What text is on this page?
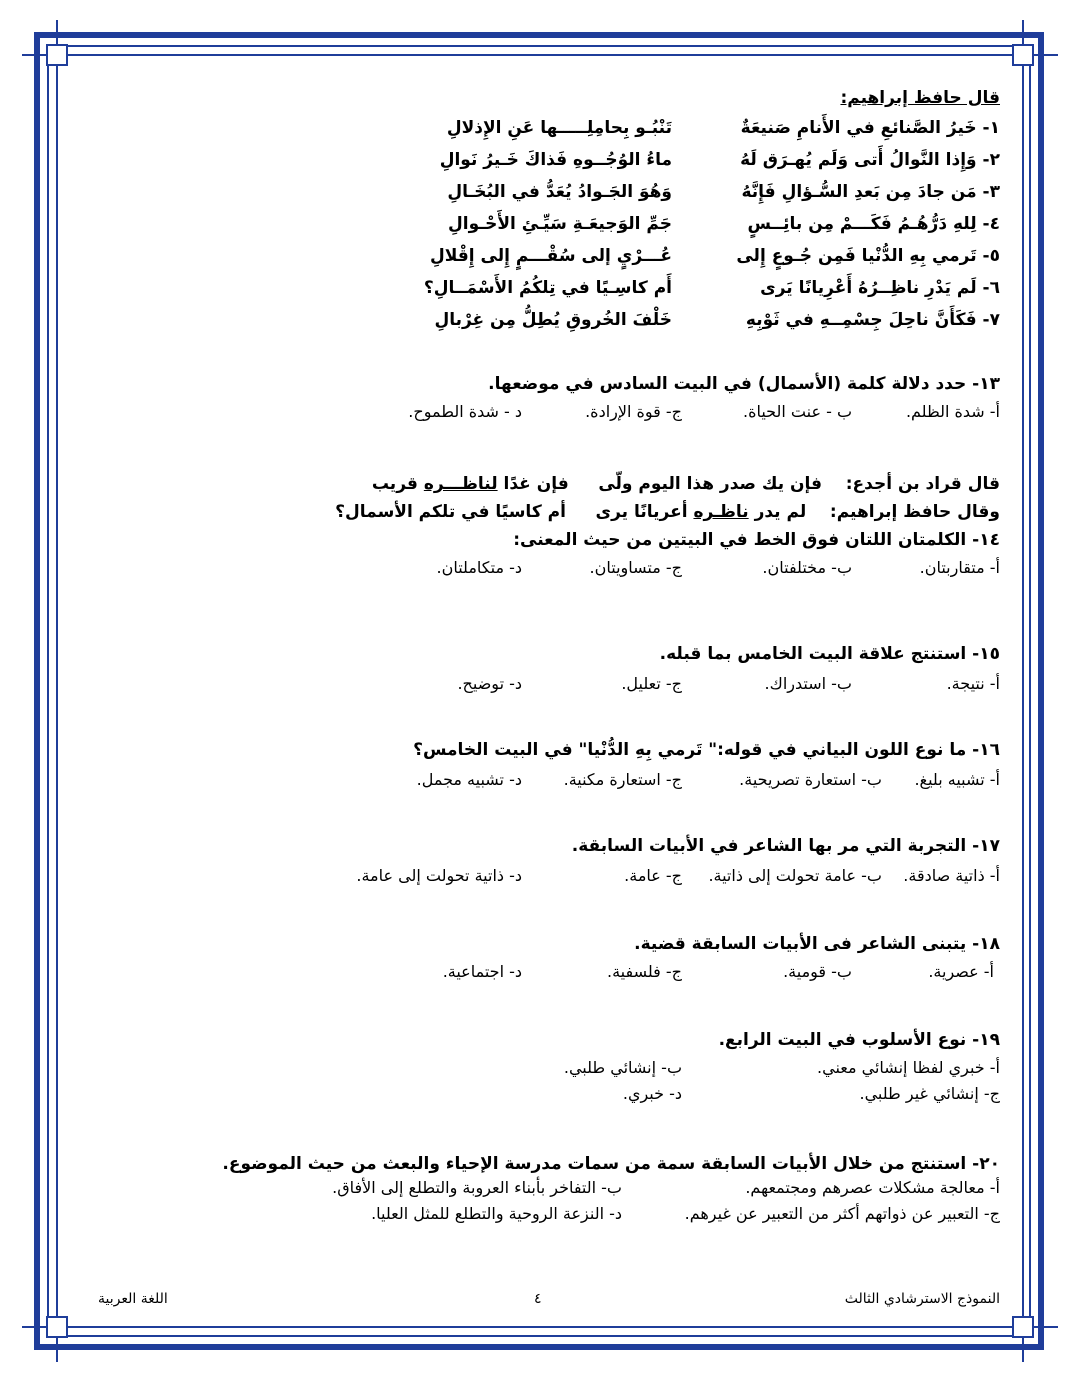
قال حافظ إبراهيم:
١- خَيرُ الصَّنائعِ في الأَنامِ صَنيعَةٌ
تَنْبُـو بِحامِلِـــــها عَنِ الإِذلالِ
٢- وَإِذا النَّوالُ أَتى وَلَم يُهـرَق لَهُ
ماءُ الوُجُــوهِ فَذاكَ خَـيرُ نَوالِ
٣- مَن جادَ مِن بَعدِ السُّـؤالِ فَإِنَّهُ
وَهُوَ الجَـوادُ يُعَدُّ في البُخَـالِ
٤- لِلهِ دَرُّهُـمُ فَكَـــمْ مِن بائِــسٍ
جَمِّ الوَجيعَـةِ سَيِّـئِ الأَحْـوالِ
٥- تَرمي بِهِ الدُّنْيا فَمِن جُـوعٍ إِلى
عُـــرْيٍ إلى سُقْـــمٍ إِلى إِقْلالِ
٦- لَم يَدْرِ ناظِــرُهُ أَعْرِيانًا يَرى
أَم كاسِـيًا في تِلكُمُ الأَسْمَــالِ؟
٧- فَكَأَنَّ ناحِلَ جِسْمِــهِ في ثَوْبِهِ
خَلْفَ الخُروقِ يُطِلُّ مِن غِرْبالِ
١٣- حدد دلالة كلمة (الأسمال) في البيت السادس في موضعها.
أ- شدة الظلم.
ب - عنت الحياة.
ج- قوة الإرادة.
د - شدة الطموح.
قال قراد بن أجدع:    فإن يك صدر هذا اليوم ولّى     فإن غدًا لناظـــره قريب
وقال حافظ إبراهيم:    لم يدر ناظـره أعريانًا يرى     أم كاسيًا في تلكم الأسمال؟
١٤- الكلمتان اللتان فوق الخط في البيتين من حيث المعنى:
أ- متقاربتان.
ب- مختلفتان.
ج- متساويتان.
د- متكاملتان.
١٥- استنتج علاقة البيت الخامس بما قبله.
أ- نتيجة.
ب- استدراك.
ج- تعليل.
د- توضيح.
١٦- ما نوع اللون البياني في قوله:" تَرمي بِهِ الدُّنْيا" في البيت الخامس؟
أ- تشبيه بليغ.
ب- استعارة تصريحية.
ج- استعارة مكنية.
د- تشبيه مجمل.
١٧- التجربة التي مر بها الشاعر في الأبيات السابقة.
أ- ذاتية صادقة.
ب- عامة تحولت إلى ذاتية.
ج- عامة.
د- ذاتية تحولت إلى عامة.
١٨- يتبنى الشاعر فى الأبيات السابقة قضية.
أ- عصرية.
ب- قومية.
ج- فلسفية.
د- اجتماعية.
١٩- نوع الأسلوب في البيت الرابع.
أ- خبري لفظا إنشائي معني.
ب- إنشائي طلبي.
ج- إنشائي غير طلبي.
د- خبري.
٢٠- استنتج من خلال الأبيات السابقة سمة من سمات مدرسة الإحياء والبعث من حيث الموضوع.
أ- معالجة مشكلات عصرهم ومجتمعهم.
ب- التفاخر بأبناء العروبة والتطلع إلى الأفاق.
ج- التعبير عن ذواتهم أكثر من التعبير عن غيرهم.
د- النزعة الروحية والتطلع للمثل العليا.
النموذج الاسترشادي الثالث
٤
اللغة العربية
